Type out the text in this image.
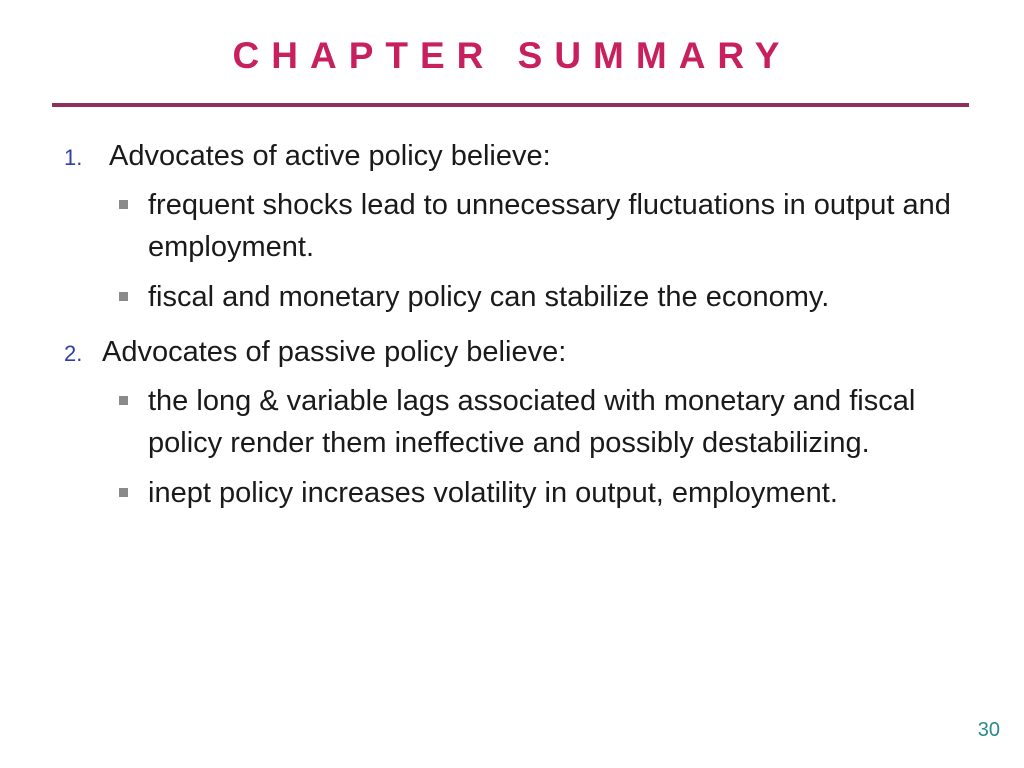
CHAPTER SUMMARY
1. Advocates of active policy believe:
frequent shocks lead to unnecessary fluctuations in output and employment.
fiscal and monetary policy can stabilize the economy.
2. Advocates of passive policy believe:
the long & variable lags associated with monetary and fiscal policy render them ineffective and possibly destabilizing.
inept policy increases volatility in output, employment.
30
